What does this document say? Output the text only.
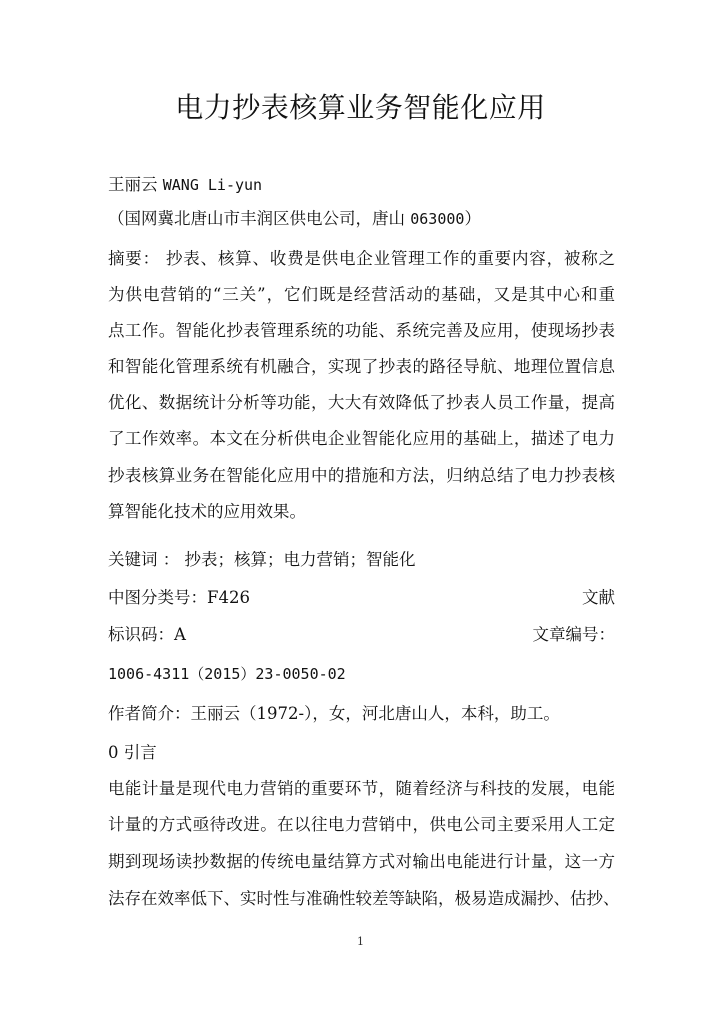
电力抄表核算业务智能化应用
王丽云 WANG Li-yun
（国网冀北唐山市丰润区供电公司，唐山 063000）
摘要： 抄表、核算、收费是供电企业管理工作的重要内容，被称之
为供电营销的“三关”，它们既是经营活动的基础，又是其中心和重
点工作。智能化抄表管理系统的功能、系统完善及应用，使现场抄表
和智能化管理系统有机融合，实现了抄表的路径导航、地理位置信息
优化、数据统计分析等功能，大大有效降低了抄表人员工作量，提高
了工作效率。本文在分析供电企业智能化应用的基础上，描述了电力
抄表核算业务在智能化应用中的措施和方法，归纳总结了电力抄表核
算智能化技术的应用效果。
关键词 ： 抄表；核算；电力营销；智能化
中图分类号：F426	文献
标识码：A	文章编号：
1006-4311（2015）23-0050-02
作者简介：王丽云（1972-），女，河北唐山人，本科，助工。
0 引言
电能计量是现代电力营销的重要环节，随着经济与科技的发展，电能
计量的方式亟待改进。在以往电力营销中，供电公司主要采用人工定
期到现场读抄数据的传统电量结算方式对输出电能进行计量，这一方
法存在效率低下、实时性与准确性较差等缺陷，极易造成漏抄、估抄、
1
